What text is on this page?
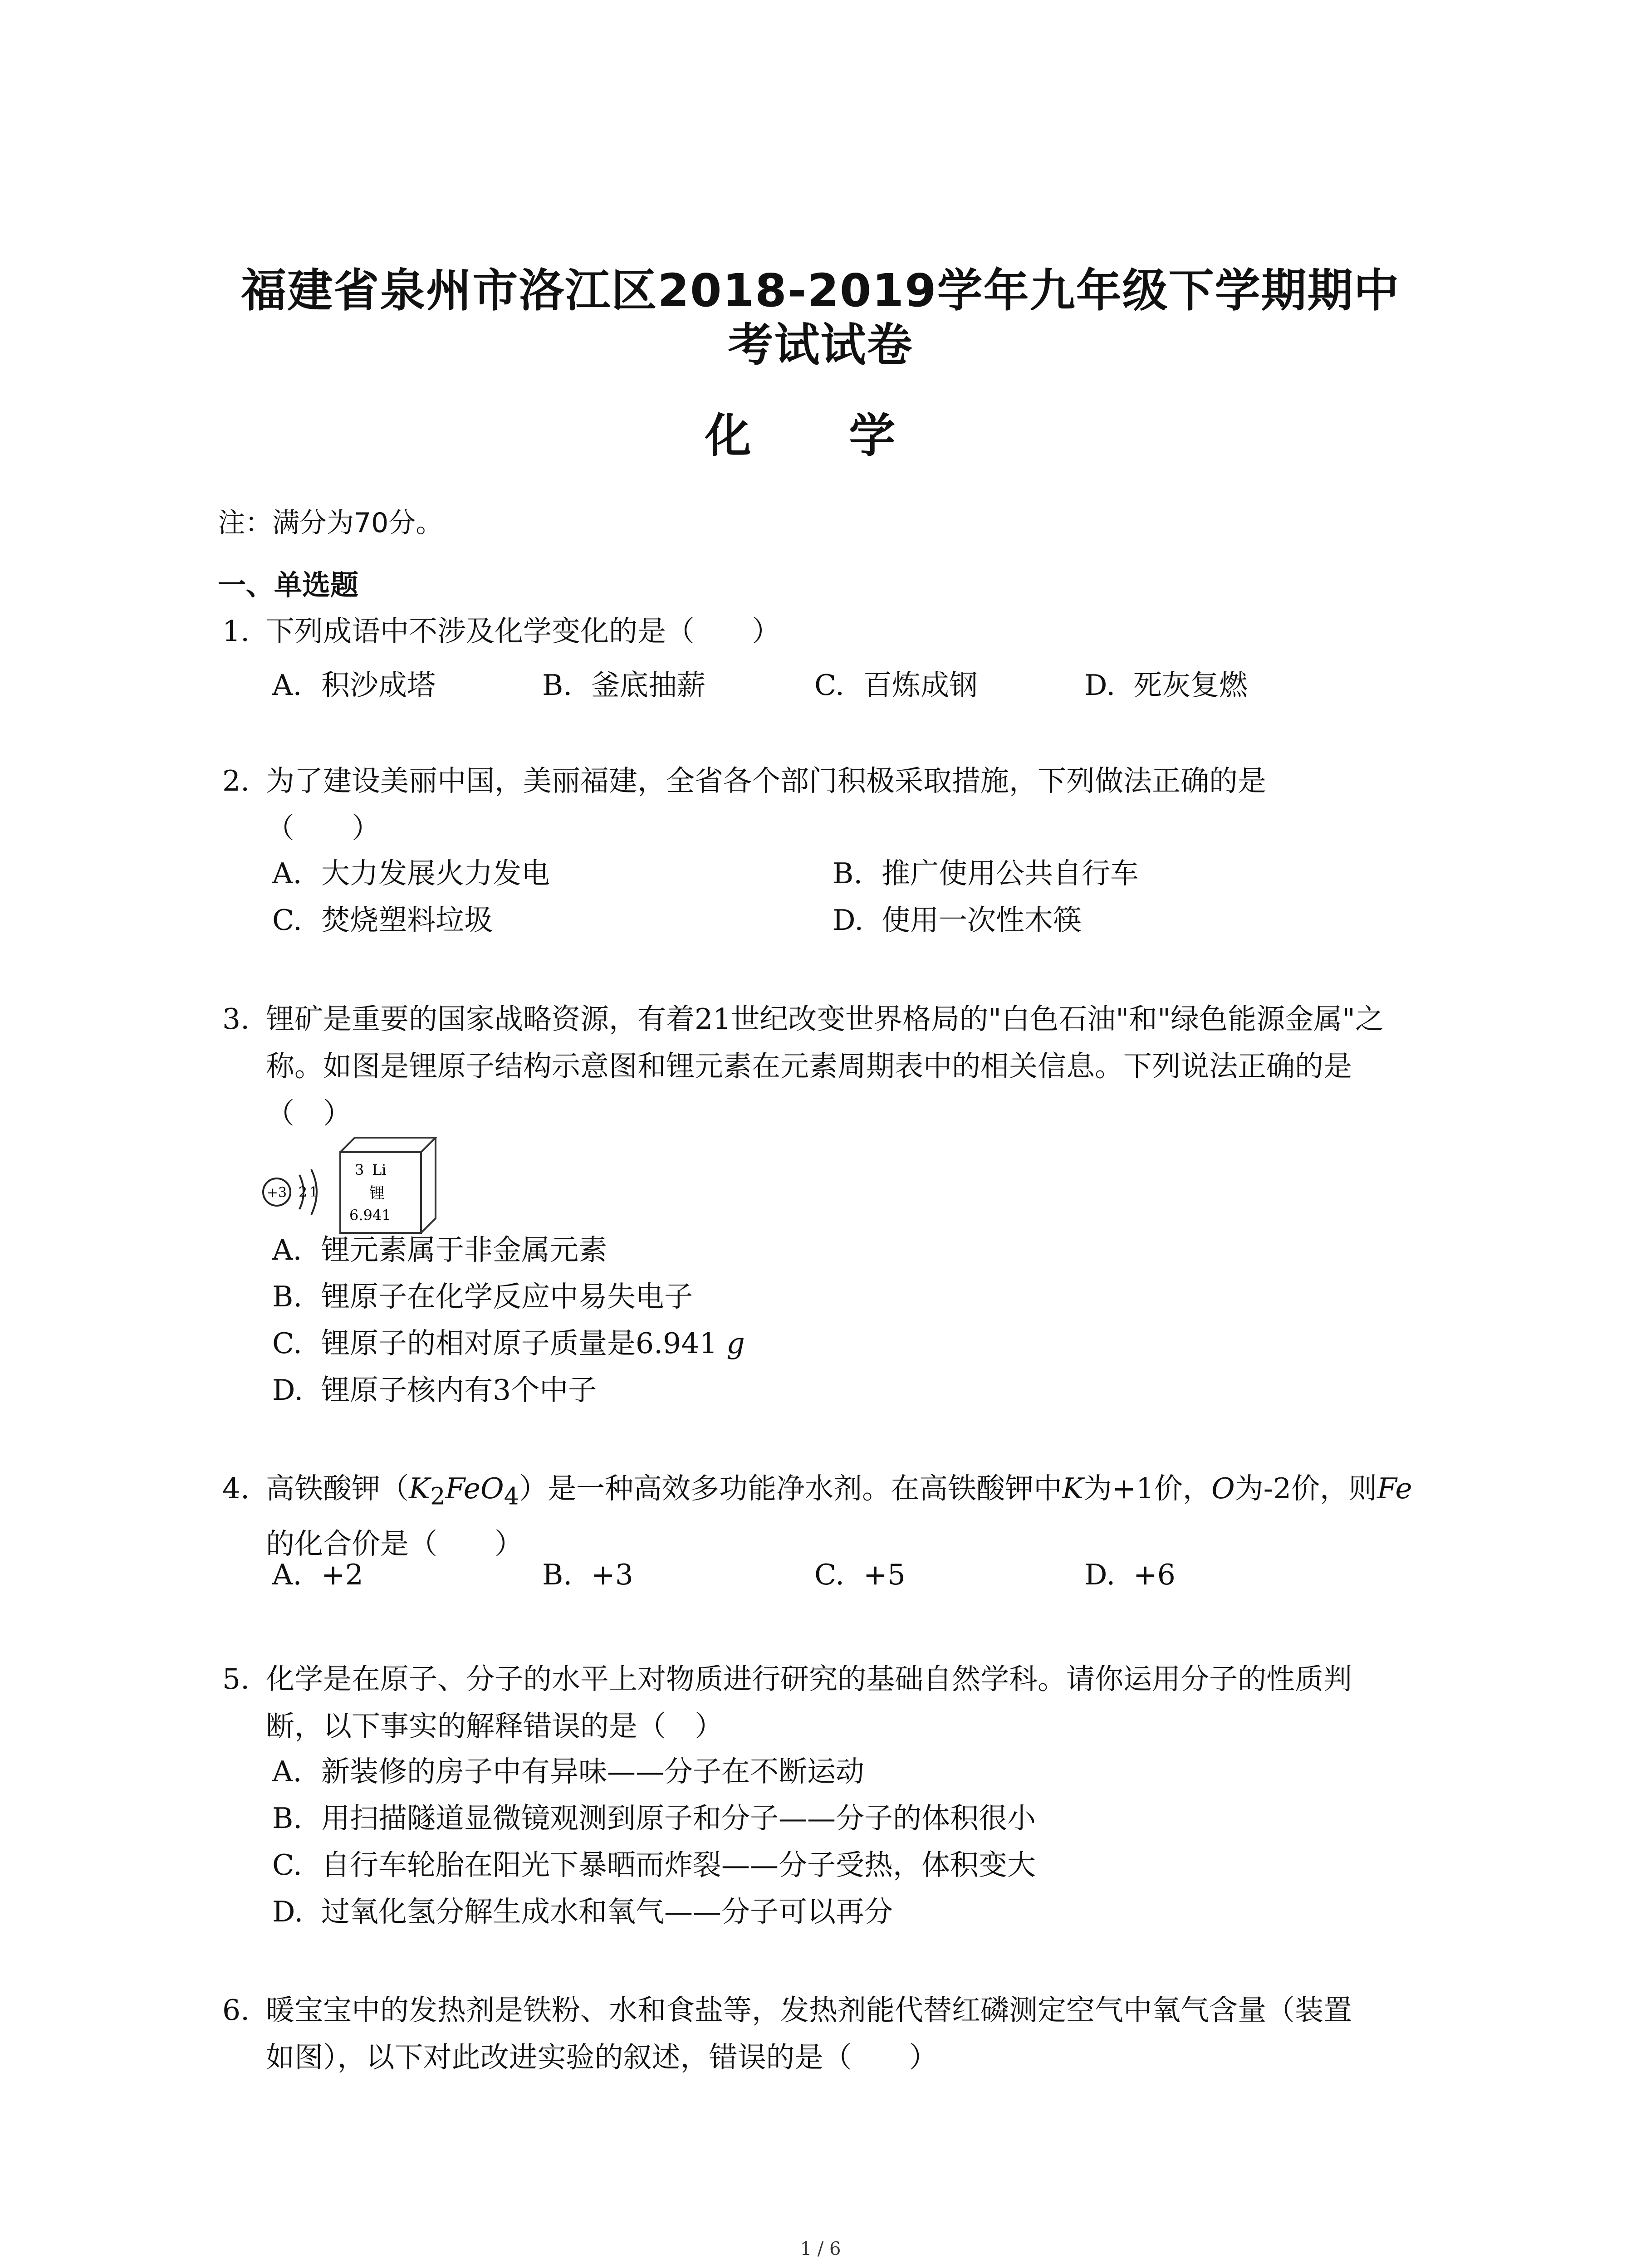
福建省泉州市洛江区2018-2019学年九年级下学期期中
考试试卷
化 学
注：满分为70分。
一、单选题
1. 下列成语中不涉及化学变化的是（　　）
A. 积沙成塔	B. 釜底抽薪	C. 百炼成钢	D. 死灰复燃
2. 为了建设美丽中国，美丽福建，全省各个部门积极采取措施，下列做法正确的是
（　　）
A. 大力发展火力发电	B. 推广使用公共自行车
C. 焚烧塑料垃圾	D. 使用一次性木筷
3. 锂矿是重要的国家战略资源，有着21世纪改变世界格局的"白色石油"和"绿色能源金属"之
称。如图是锂原子结构示意图和锂元素在元素周期表中的相关信息。下列说法正确的是
（　）
+3 2 1
3 Li
锂
6.941
A. 锂元素属于非金属元素
B. 锂原子在化学反应中易失电子
C. 锂原子的相对原子质量是6.941 g
D. 锂原子核内有3个中子
4. 高铁酸钾$(K_2FeO_4)$是一种高效多功能净水剂。在高铁酸钾中K为+1价，O为-2价，则Fe
的化合价是（　　）
A. +2	B. +3	C. +5	D. +6
5. 化学是在原子、分子的水平上对物质进行研究的基础自然学科。请你运用分子的性质判
断，以下事实的解释错误的是（　）
A. 新装修的房子中有异味——分子在不断运动
B. 用扫描隧道显微镜观测到原子和分子——分子的体积很小
C. 自行车轮胎在阳光下暴晒而炸裂——分子受热，体积变大
D. 过氧化氢分解生成水和氧气——分子可以再分
6. 暖宝宝中的发热剂是铁粉、水和食盐等，发热剂能代替红磷测定空气中氧气含量（装置
如图），以下对此改进实验的叙述，错误的是（　　）
1 / 6
